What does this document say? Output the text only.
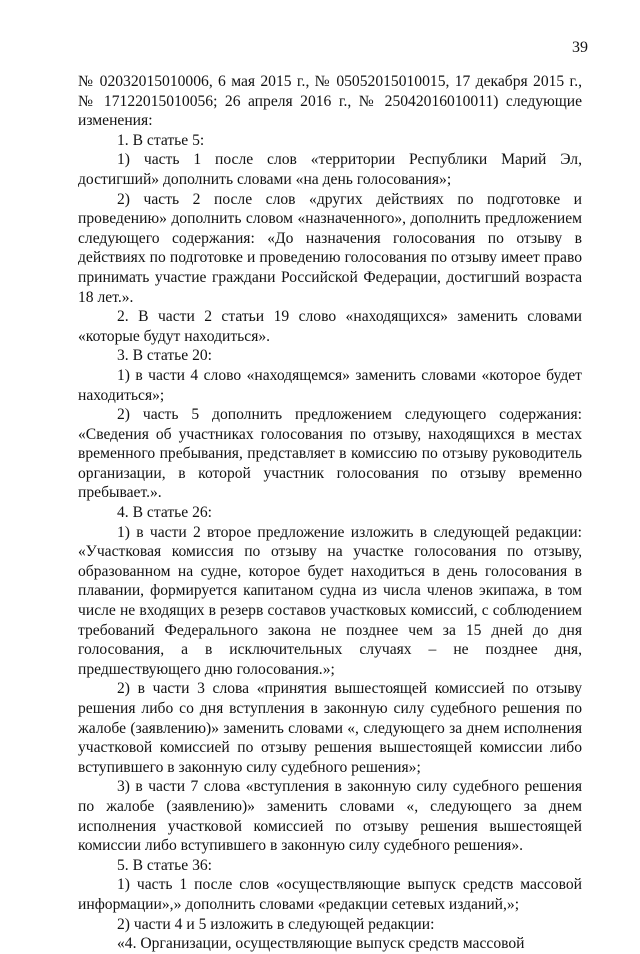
39

№ 02032015010006, 6 мая 2015 г., № 05052015010015, 17 декабря 2015 г., № 17122015010056; 26 апреля 2016 г., № 25042016010011) следующие изменения:

1. В статье 5:

1) часть 1 после слов «территории Республики Марий Эл, достигший» дополнить словами «на день голосования»;

2) часть 2 после слов «других действиях по подготовке и проведению» дополнить словом «назначенного», дополнить предложением следующего содержания: «До назначения голосования по отзыву в действиях по подготовке и проведению голосования по отзыву имеет право принимать участие граждани Российской Федерации, достигший возраста 18 лет.».

2. В части 2 статьи 19 слово «находящихся» заменить словами «которые будут находиться».

3. В статье 20:

1) в части 4 слово «находящемся» заменить словами «которое будет находиться»;

2) часть 5 дополнить предложением следующего содержания: «Сведения об участниках голосования по отзыву, находящихся в местах временного пребывания, представляет в комиссию по отзыву руководитель организации, в которой участник голосования по отзыву временно пребывает.».

4. В статье 26:

1) в части 2 второе предложение изложить в следующей редакции: «Участковая комиссия по отзыву на участке голосования по отзыву, образованном на судне, которое будет находиться в день голосования в плавании, формируется капитаном судна из числа членов экипажа, в том числе не входящих в резерв составов участковых комиссий, с соблюдением требований Федерального закона не позднее чем за 15 дней до дня голосования, а в исключительных случаях – не позднее дня, предшествующего дню голосования.»;

2) в части 3 слова «принятия вышестоящей комиссией по отзыву решения либо со дня вступления в законную силу судебного решения по жалобе (заявлению)» заменить словами «, следующего за днем исполнения участковой комиссией по отзыву решения вышестоящей комиссии либо вступившего в законную силу судебного решения»;

3) в части 7 слова «вступления в законную силу судебного решения по жалобе (заявлению)» заменить словами «, следующего за днем исполнения участковой комиссией по отзыву решения вышестоящей комиссии либо вступившего в законную силу судебного решения».

5. В статье 36:

1) часть 1 после слов «осуществляющие выпуск средств массовой информации»,» дополнить словами «редакции сетевых изданий,»;

2) части 4 и 5 изложить в следующей редакции:

«4. Организации, осуществляющие выпуск средств массовой
